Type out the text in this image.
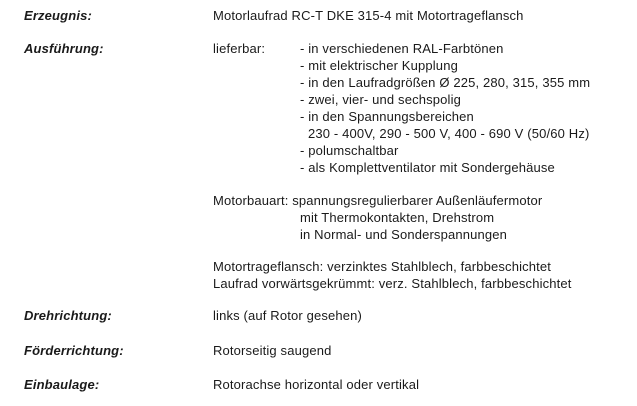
Erzeugnis:	Motorlaufrad RC-T DKE 315-4 mit Motortrageflansch
Ausführung:	lieferbar:	- in verschiedenen RAL-Farbtönen
- mit elektrischer Kupplung
- in den Laufradgrößen Ø 225, 280, 315, 355 mm
- zwei, vier- und sechspolig
- in den Spannungsbereichen
230 - 400V, 290 - 500 V, 400 - 690 V (50/60 Hz)
- polumschaltbar
- als Komplettventilator mit Sondergehäuse
Motorbauart: spannungsregulierbarer Außenläufermotor
mit Thermokontakten, Drehstrom
in Normal- und Sonderspannungen
Motortrageflansch: verzinktes Stahlblech, farbbeschichtet
Laufrad vorwärtsgekrümmt: verz. Stahlblech, farbbeschichtet
Drehrichtung:	links (auf Rotor gesehen)
Förderrichtung:	Rotorseitig saugend
Einbaulage:	Rotorachse horizontal oder vertikal
